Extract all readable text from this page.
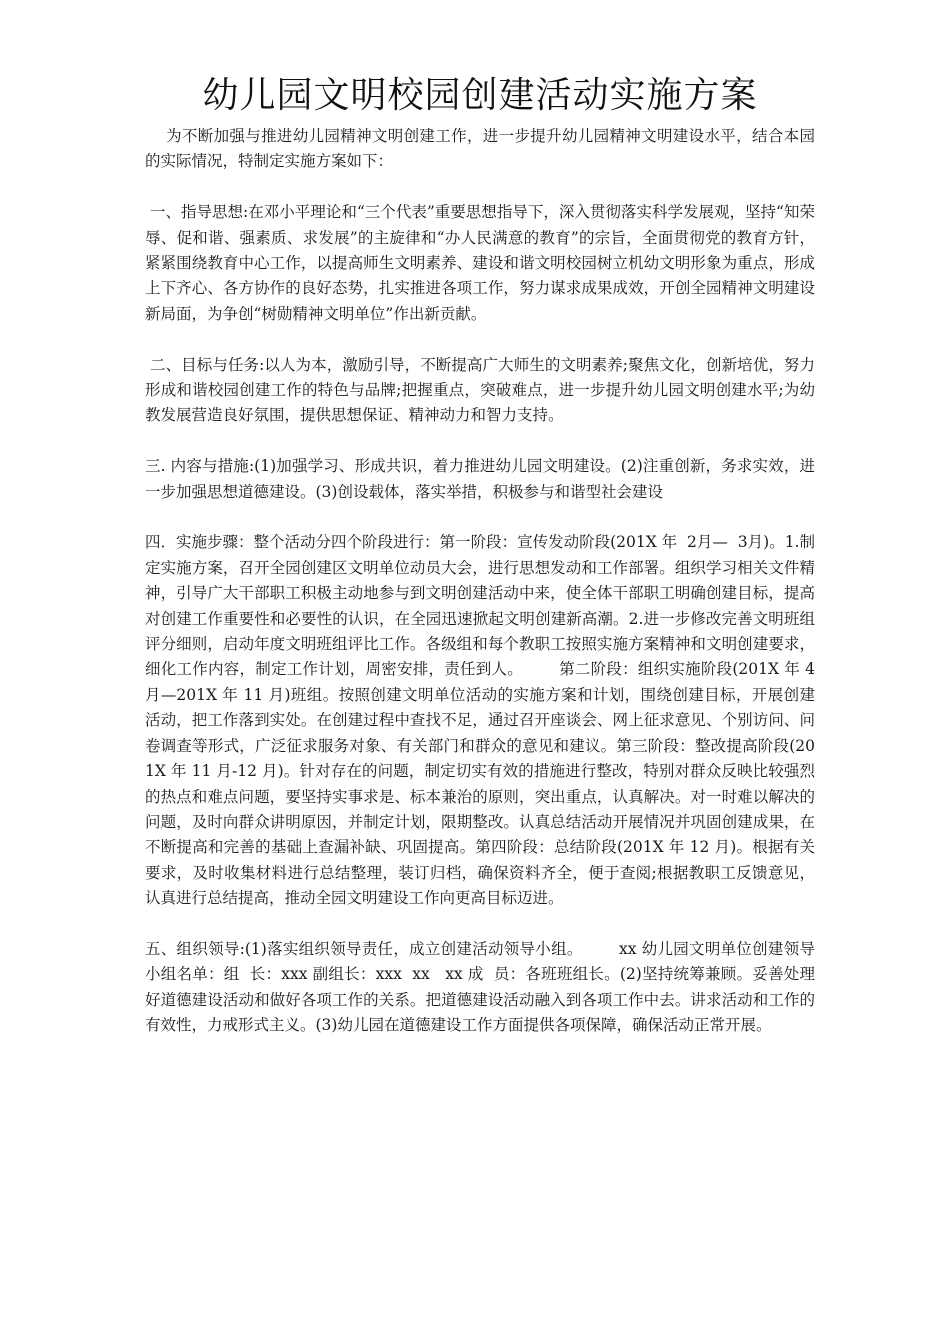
幼儿园文明校园创建活动实施方案

为不断加强与推进幼儿园精神文明创建工作，进一步提升幼儿园精神文明建设水平，结合本园的实际情况，特制定实施方案如下：

一、指导思想:在邓小平理论和“三个代表”重要思想指导下，深入贯彻落实科学发展观，坚持“知荣辱、促和谐、强素质、求发展”的主旋律和“办人民满意的教育”的宗旨，全面贯彻党的教育方针，紧紧围绕教育中心工作，以提高师生文明素养、建设和谐文明校园树立机幼文明形象为重点，形成上下齐心、各方协作的良好态势，扎实推进各项工作，努力谋求成果成效，开创全园精神文明建设新局面，为争创“树勋精神文明单位”作出新贡献。

二、目标与任务:以人为本，激励引导，不断提高广大师生的文明素养;聚焦文化，创新培优，努力形成和谐校园创建工作的特色与品牌;把握重点，突破难点，进一步提升幼儿园文明创建水平;为幼教发展营造良好氛围，提供思想保证、精神动力和智力支持。

三. 内容与措施:(1)加强学习、形成共识，着力推进幼儿园文明建设。(2)注重创新，务求实效，进一步加强思想道德建设。(3)创设载体，落实举措，积极参与和谐型社会建设

四．实施步骤：整个活动分四个阶段进行：第一阶段：宣传发动阶段(201X 年  2月—  3月)。1.制定实施方案，召开全园创建区文明单位动员大会，进行思想发动和工作部署。组织学习相关文件精神，引导广大干部职工积极主动地参与到文明创建活动中来，使全体干部职工明确创建目标，提高对创建工作重要性和必要性的认识，在全园迅速掀起文明创建新高潮。2.进一步修改完善文明班组评分细则，启动年度文明班组评比工作。各级组和每个教职工按照实施方案精神和文明创建要求，细化工作内容，制定工作计划，周密安排，责任到人。       第二阶段：组织实施阶段(201X 年 4 月—201X 年 11 月)班组。按照创建文明单位活动的实施方案和计划，围绕创建目标，开展创建活动，把工作落到实处。在创建过程中查找不足，通过召开座谈会、网上征求意见、个别访问、问卷调查等形式，广泛征求服务对象、有关部门和群众的意见和建议。第三阶段：整改提高阶段(201X 年 11 月-12 月)。针对存在的问题，制定切实有效的措施进行整改，特别对群众反映比较强烈的热点和难点问题，要坚持实事求是、标本兼治的原则，突出重点，认真解决。对一时难以解决的问题，及时向群众讲明原因，并制定计划，限期整改。认真总结活动开展情况并巩固创建成果，在不断提高和完善的基础上查漏补缺、巩固提高。第四阶段：总结阶段(201X 年 12 月)。根据有关要求，及时收集材料进行总结整理，装订归档，确保资料齐全，便于查阅;根据教职工反馈意见，认真进行总结提高，推动全园文明建设工作向更高目标迈进。

五、组织领导:(1)落实组织领导责任，成立创建活动领导小组。       xx 幼儿园文明单位创建领导小组名单：组  长：xxx 副组长：xxx  xx   xx 成  员：各班班组长。(2)坚持统筹兼顾。妥善处理好道德建设活动和做好各项工作的关系。把道德建设活动融入到各项工作中去。讲求活动和工作的有效性，力戒形式主义。(3)幼儿园在道德建设工作方面提供各项保障，确保活动正常开展。
